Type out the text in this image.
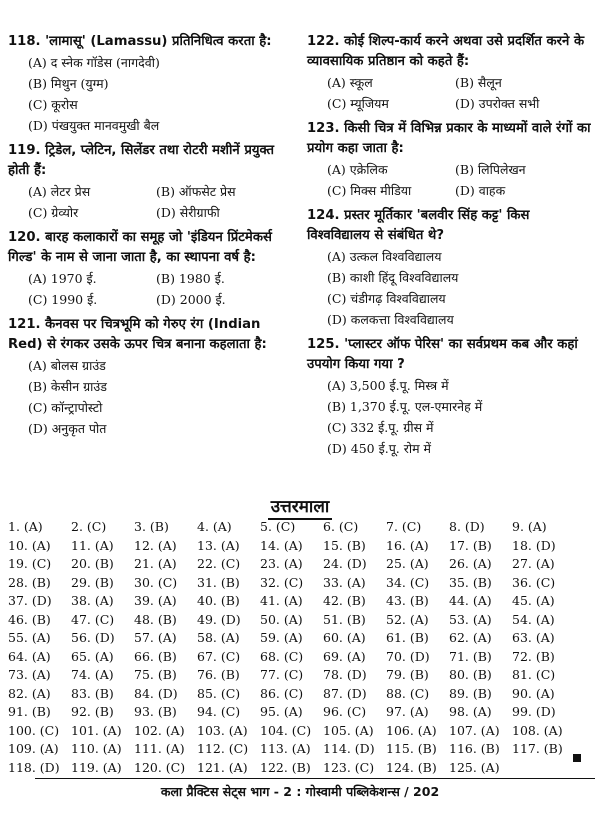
118. 'लामासू' (Lamassu) प्रतिनिधित्व करता है:
(A) द स्नेक गॉडेस (नागदेवी)
(B) मिथुन (युग्म)
(C) कूरोस
(D) पंखयुक्त मानवमुखी बैल
119. ट्रिडेल, प्लेटिन, सिलेंडर तथा रोटरी मशीनें प्रयुक्त होती हैं:
(A) लेटर प्रेस	(B) ऑफसेट प्रेस
(C) ग्रेव्योर	(D) सेरीग्राफी
120. बारह कलाकारों का समूह जो 'इंडियन प्रिंटमेकर्स गिल्ड' के नाम से जाना जाता है, का स्थापना वर्ष है:
(A) 1970 ई.	(B) 1980 ई.
(C) 1990 ई.	(D) 2000 ई.
121. कैनवस पर चित्रभूमि को गेरुए रंग (Indian Red) से रंगकर उसके ऊपर चित्र बनाना कहलाता है:
(A) बोलस ग्राउंड
(B) केसीन ग्राउंड
(C) कॉन्ट्रापोस्टो
(D) अनुकृत पोत
122. कोई शिल्प-कार्य करने अथवा उसे प्रदर्शित करने के व्यावसायिक प्रतिष्ठान को कहते हैं:
(A) स्कूल	(B) सैलून
(C) म्यूजियम	(D) उपरोक्त सभी
123. किसी चित्र में विभिन्न प्रकार के माध्यमों वाले रंगों का प्रयोग कहा जाता है:
(A) एक्रेलिक	(B) लिपिलेखन
(C) मिक्स मीडिया	(D) वाहक
124. प्रस्तर मूर्तिकार 'बलवीर सिंह कट्ट' किस विश्वविद्यालय से संबंधित थे?
(A) उत्कल विश्वविद्यालय
(B) काशी हिंदू विश्वविद्यालय
(C) चंडीगढ़ विश्वविद्यालय
(D) कलकत्ता विश्वविद्यालय
125. 'प्लास्टर ऑफ पेरिस' का सर्वप्रथम कब और कहां उपयोग किया गया ?
(A) 3,500 ई.पू. मिस्त्र में
(B) 1,370 ई.पू. एल-एमारनेह में
(C) 332 ई.पू. ग्रीस में
(D) 450 ई.पू. रोम में
उत्तरमाला
1. (A)	2. (C)	3. (B)	4. (A)	5. (C)	6. (C)	7. (C)	8. (D)	9. (A)
10. (A)	11. (A)	12. (A)	13. (A)	14. (A)	15. (B)	16. (A)	17. (B)	18. (D)
19. (C)	20. (B)	21. (A)	22. (C)	23. (A)	24. (D)	25. (A)	26. (A)	27. (A)
28. (B)	29. (B)	30. (C)	31. (B)	32. (C)	33. (A)	34. (C)	35. (B)	36. (C)
37. (D)	38. (A)	39. (A)	40. (B)	41. (A)	42. (B)	43. (B)	44. (A)	45. (A)
46. (B)	47. (C)	48. (B)	49. (D)	50. (A)	51. (B)	52. (A)	53. (A)	54. (A)
55. (A)	56. (D)	57. (A)	58. (A)	59. (A)	60. (A)	61. (B)	62. (A)	63. (A)
64. (A)	65. (A)	66. (B)	67. (C)	68. (C)	69. (A)	70. (D)	71. (B)	72. (B)
73. (A)	74. (A)	75. (B)	76. (B)	77. (C)	78. (D)	79. (B)	80. (B)	81. (C)
82. (A)	83. (B)	84. (D)	85. (C)	86. (C)	87. (D)	88. (C)	89. (B)	90. (A)
91. (B)	92. (B)	93. (B)	94. (C)	95. (A)	96. (C)	97. (A)	98. (A)	99. (D)
100. (C) 101. (A) 102. (A) 103. (A) 104. (C) 105. (A) 106. (A) 107. (A) 108. (A)
109. (A) 110. (A) 111. (A) 112. (C) 113. (A) 114. (D) 115. (B) 116. (B) 117. (B)
118. (D) 119. (A) 120. (C) 121. (A) 122. (B) 123. (C) 124. (B) 125. (A)
कला प्रैक्टिस सेट्स भाग - 2 : गोस्वामी पब्लिकेशन्स / 202
